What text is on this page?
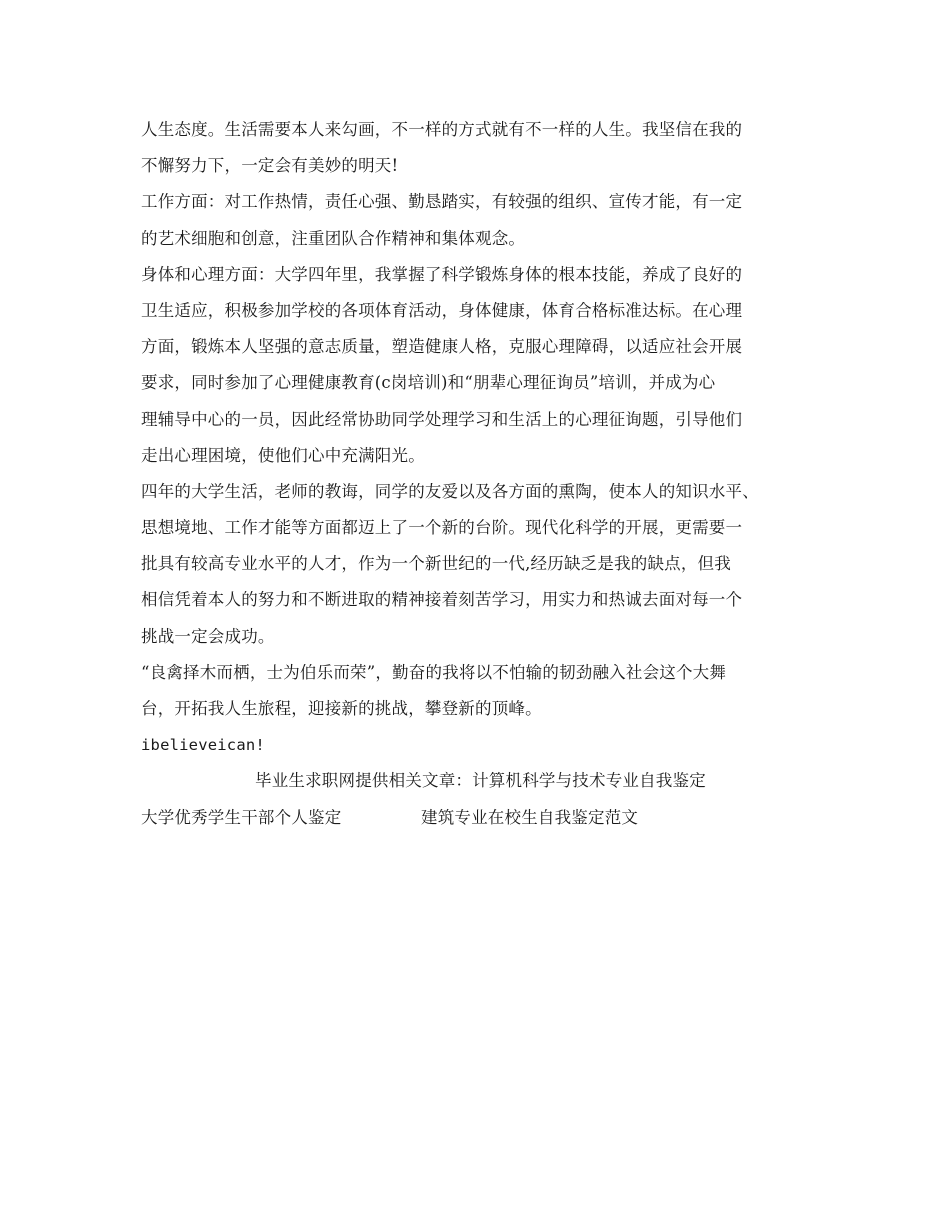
人生态度。生活需要本人来勾画，不一样的方式就有不一样的人生。我坚信在我的
不懈努力下，一定会有美妙的明天!
工作方面：对工作热情，责任心强、勤恳踏实，有较强的组织、宣传才能，有一定
的艺术细胞和创意，注重团队合作精神和集体观念。
身体和心理方面：大学四年里，我掌握了科学锻炼身体的根本技能，养成了良好的
卫生适应，积极参加学校的各项体育活动，身体健康，体育合格标准达标。在心理
方面，锻炼本人坚强的意志质量，塑造健康人格，克服心理障碍，以适应社会开展
要求，同时参加了心理健康教育(c岗培训)和“朋辈心理征询员”培训，并成为心
理辅导中心的一员，因此经常协助同学处理学习和生活上的心理征询题，引导他们
走出心理困境，使他们心中充满阳光。
四年的大学生活，老师的教诲，同学的友爱以及各方面的熏陶，使本人的知识水平、
思想境地、工作才能等方面都迈上了一个新的台阶。现代化科学的开展，更需要一
批具有较高专业水平的人才，作为一个新世纪的一代,经历缺乏是我的缺点，但我
相信凭着本人的努力和不断进取的精神接着刻苦学习，用实力和热诚去面对每一个
挑战一定会成功。
“良禽择木而栖，士为伯乐而荣”，勤奋的我将以不怕输的韧劲融入社会这个大舞
台，开拓我人生旅程，迎接新的挑战，攀登新的顶峰。
ibelieveican!
毕业生求职网提供相关文章：计算机科学与技术专业自我鉴定
大学优秀学生干部个人鉴定	建筑专业在校生自我鉴定范文
